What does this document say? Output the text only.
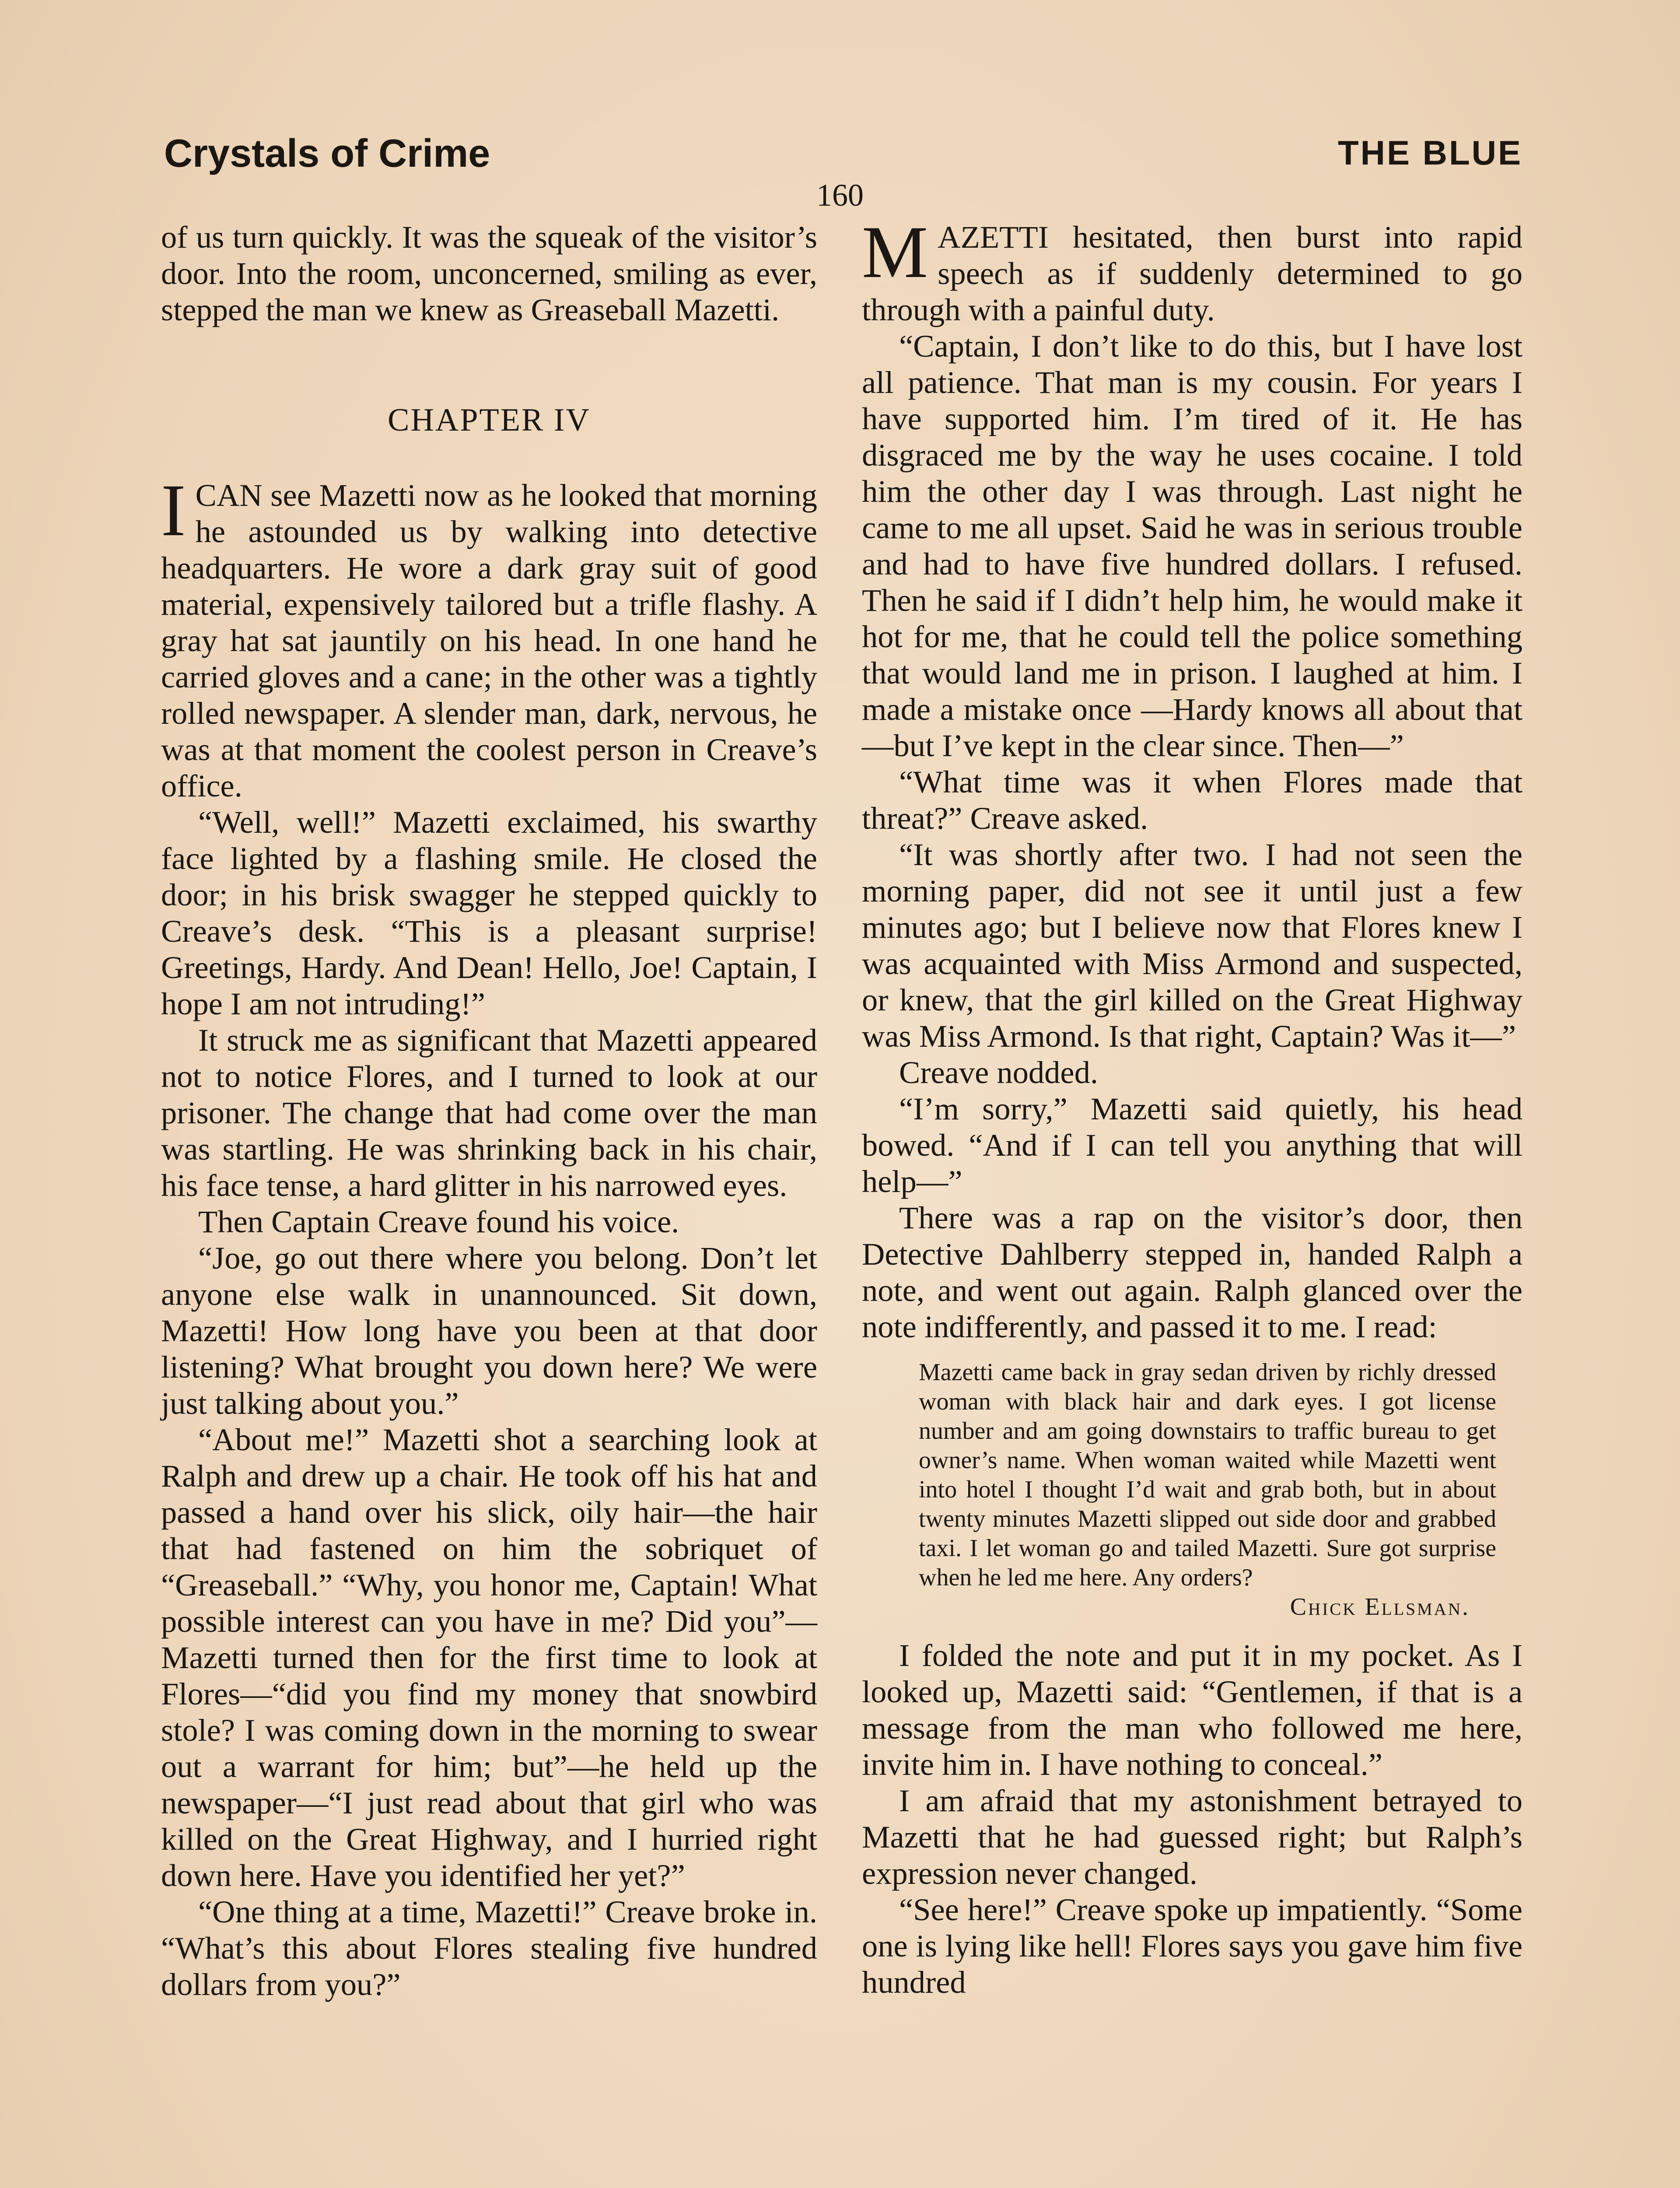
Crystals of Crime	THE BLUE
160

of us turn quickly. It was the squeak of the visitor’s door. Into the room, unconcerned, smiling as ever, stepped the man we knew as Greaseball Mazetti.

CHAPTER IV

ICAN see Mazetti now as he looked that morning he astounded us by walking into detective headquarters. He wore a dark gray suit of good material, expensively tailored but a trifle flashy. A gray hat sat jauntily on his head. In one hand he carried gloves and a cane; in the other was a tightly rolled newspaper. A slender man, dark, nervous, he was at that moment the coolest person in Creave’s office.

“Well, well!” Mazetti exclaimed, his swarthy face lighted by a flashing smile. He closed the door; in his brisk swagger he stepped quickly to Creave’s desk. “This is a pleasant surprise! Greetings, Hardy. And Dean! Hello, Joe! Captain, I hope I am not intruding!”

It struck me as significant that Mazetti appeared not to notice Flores, and I turned to look at our prisoner. The change that had come over the man was startling. He was shrinking back in his chair, his face tense, a hard glitter in his narrowed eyes.

Then Captain Creave found his voice.

“Joe, go out there where you belong. Don’t let anyone else walk in unannounced. Sit down, Mazetti! How long have you been at that door listening? What brought you down here? We were just talking about you.”

“About me!” Mazetti shot a searching look at Ralph and drew up a chair. He took off his hat and passed a hand over his slick, oily hair—the hair that had fastened on him the sobriquet of “Greaseball.” “Why, you honor me, Captain! What possible interest can you have in me? Did you”—Mazetti turned then for the first time to look at Flores—“did you find my money that snowbird stole? I was coming down in the morning to swear out a warrant for him; but”—he held up the newspaper—“I just read about that girl who was killed on the Great Highway, and I hurried right down here. Have you identified her yet?”

“One thing at a time, Mazetti!” Creave broke in. “What’s this about Flores stealing five hundred dollars from you?”

MAZETTI hesitated, then burst into rapid speech as if suddenly determined to go through with a painful duty.

“Captain, I don’t like to do this, but I have lost all patience. That man is my cousin. For years I have supported him. I’m tired of it. He has disgraced me by the way he uses cocaine. I told him the other day I was through. Last night he came to me all upset. Said he was in serious trouble and had to have five hundred dollars. I refused. Then he said if I didn’t help him, he would make it hot for me, that he could tell the police something that would land me in prison. I laughed at him. I made a mistake once —Hardy knows all about that—but I’ve kept in the clear since. Then—”

“What time was it when Flores made that threat?” Creave asked.

“It was shortly after two. I had not seen the morning paper, did not see it until just a few minutes ago; but I believe now that Flores knew I was acquainted with Miss Armond and suspected, or knew, that the girl killed on the Great Highway was Miss Armond. Is that right, Captain? Was it—”

Creave nodded.

“I’m sorry,” Mazetti said quietly, his head bowed. “And if I can tell you anything that will help—”

There was a rap on the visitor’s door, then Detective Dahlberry stepped in, handed Ralph a note, and went out again. Ralph glanced over the note indifferently, and passed it to me. I read:

Mazetti came back in gray sedan driven by richly dressed woman with black hair and dark eyes. I got license number and am going downstairs to traffic bureau to get owner’s name. When woman waited while Mazetti went into hotel I thought I’d wait and grab both, but in about twenty minutes Mazetti slipped out side door and grabbed taxi. I let woman go and tailed Mazetti. Sure got surprise when he led me here. Any orders?
Chick Ellsman.

I folded the note and put it in my pocket. As I looked up, Mazetti said: “Gentlemen, if that is a message from the man who followed me here, invite him in. I have nothing to conceal.”

I am afraid that my astonishment betrayed to Mazetti that he had guessed right; but Ralph’s expression never changed.

“See here!” Creave spoke up impatiently. “Some one is lying like hell! Flores says you gave him five hundred
